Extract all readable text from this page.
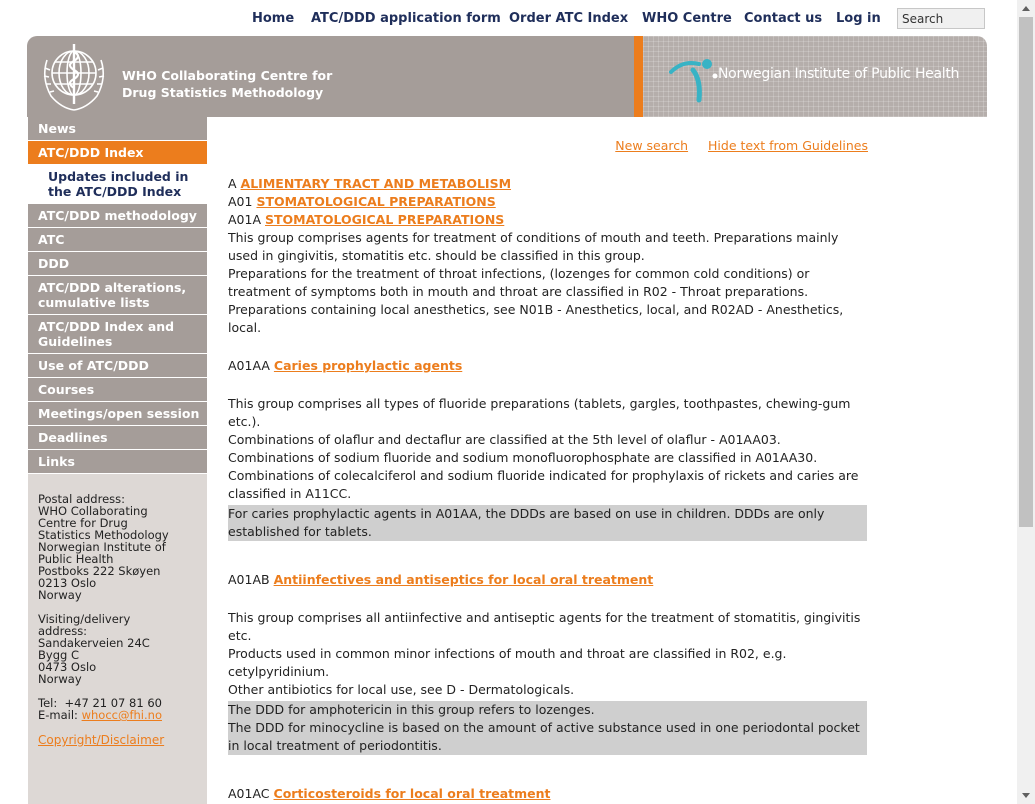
Home ATC/DDD application form Order ATC Index WHO Centre Contact us Log in
Search
WHO Collaborating Centre for
Drug Statistics Methodology
Norwegian Institute of Public Health
News
ATC/DDD Index
Updates included in the ATC/DDD Index
ATC/DDD methodology
ATC
DDD
ATC/DDD alterations, cumulative lists
ATC/DDD Index and Guidelines
Use of ATC/DDD
Courses
Meetings/open session
Deadlines
Links
Postal address:
WHO Collaborating
Centre for Drug
Statistics Methodology
Norwegian Institute of
Public Health
Postboks 222 Skøyen
0213 Oslo
Norway
Visiting/delivery
address:
Sandakerveien 24C
Bygg C
0473 Oslo
Norway
Tel:  +47 21 07 81 60
E-mail: whocc@fhi.no
Copyright/Disclaimer
New search Hide text from Guidelines
A ALIMENTARY TRACT AND METABOLISM
A01 STOMATOLOGICAL PREPARATIONS
A01A STOMATOLOGICAL PREPARATIONS

This group comprises agents for treatment of conditions of mouth and teeth. Preparations mainly used in gingivitis, stomatitis etc. should be classified in this group.

Preparations for the treatment of throat infections, (lozenges for common cold conditions) or treatment of symptoms both in mouth and throat are classified in R02 - Throat preparations.

Preparations containing local anesthetics, see N01B - Anesthetics, local, and R02AD - Anesthetics, local.

A01AA Caries prophylactic agents

This group comprises all types of fluoride preparations (tablets, gargles, toothpastes, chewing-gum etc.).

Combinations of olaflur and dectaflur are classified at the 5th level of olaflur - A01AA03. Combinations of sodium fluoride and sodium monofluorophosphate are classified in A01AA30.

Combinations of colecalciferol and sodium fluoride indicated for prophylaxis of rickets and caries are classified in A11CC.

For caries prophylactic agents in A01AA, the DDDs are based on use in children. DDDs are only established for tablets.

A01AB Antiinfectives and antiseptics for local oral treatment

This group comprises all antiinfective and antiseptic agents for the treatment of stomatitis, gingivitis etc.

Products used in common minor infections of mouth and throat are classified in R02, e.g. cetylpyridinium.

Other antibiotics for local use, see D - Dermatologicals.

The DDD for amphotericin in this group refers to lozenges.

The DDD for minocycline is based on the amount of active substance used in one periodontal pocket in local treatment of periodontitis.

A01AC Corticosteroids for local oral treatment
